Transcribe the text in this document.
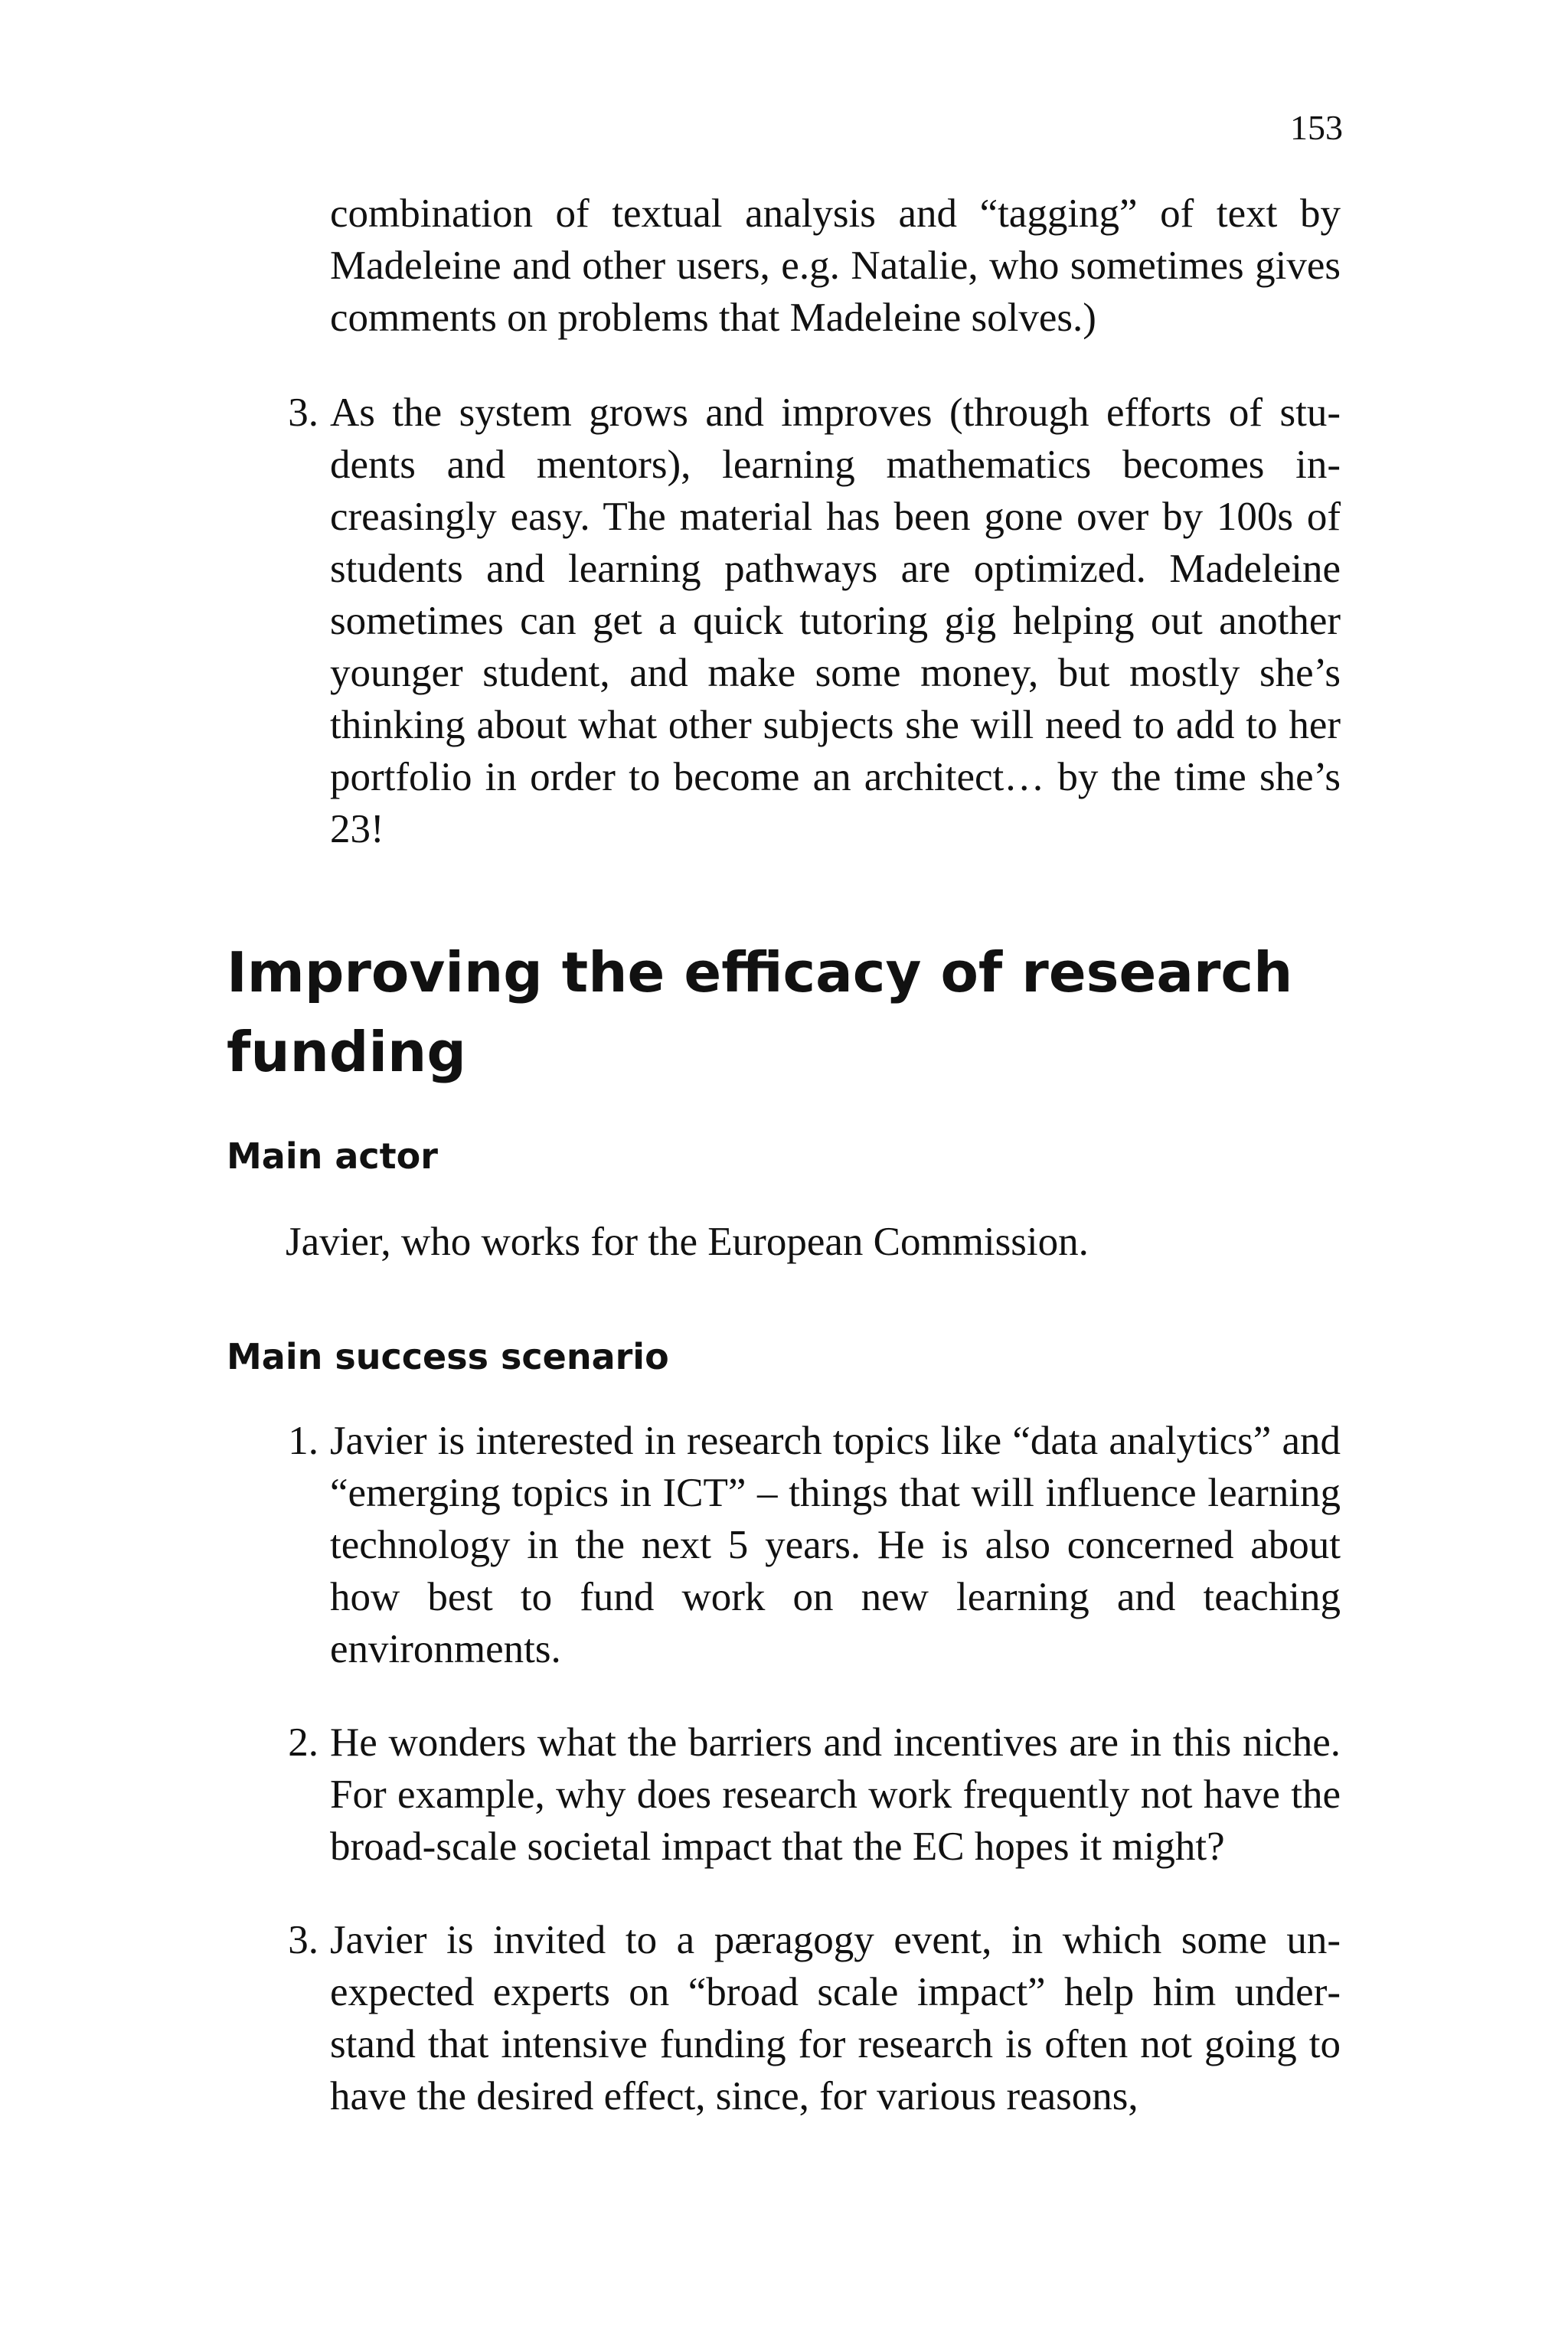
153

combination of textual analysis and “tagging” of text by Madeleine and other users, e.g. Natalie, who sometimes gives comments on problems that Madeleine solves.)

3. As the system grows and improves (through efforts of students and mentors), learning mathematics becomes increasingly easy. The material has been gone over by 100s of students and learning pathways are optimized. Madeleine sometimes can get a quick tutoring gig helping out another younger student, and make some money, but mostly she’s thinking about what other subjects she will need to add to her portfolio in order to become an architect… by the time she’s 23!
Improving the efficacy of research funding
Main actor

Javier, who works for the European Commission.

Main success scenario
1. Javier is interested in research topics like “data analytics” and “emerging topics in ICT” – things that will influence learning technology in the next 5 years. He is also concerned about how best to fund work on new learning and teaching environments.
2. He wonders what the barriers and incentives are in this niche. For example, why does research work frequently not have the broad-scale societal impact that the EC hopes it might?
3. Javier is invited to a pæragogy event, in which some unexpected experts on “broad scale impact” help him understand that intensive funding for research is often not going to have the desired effect, since, for various reasons,
